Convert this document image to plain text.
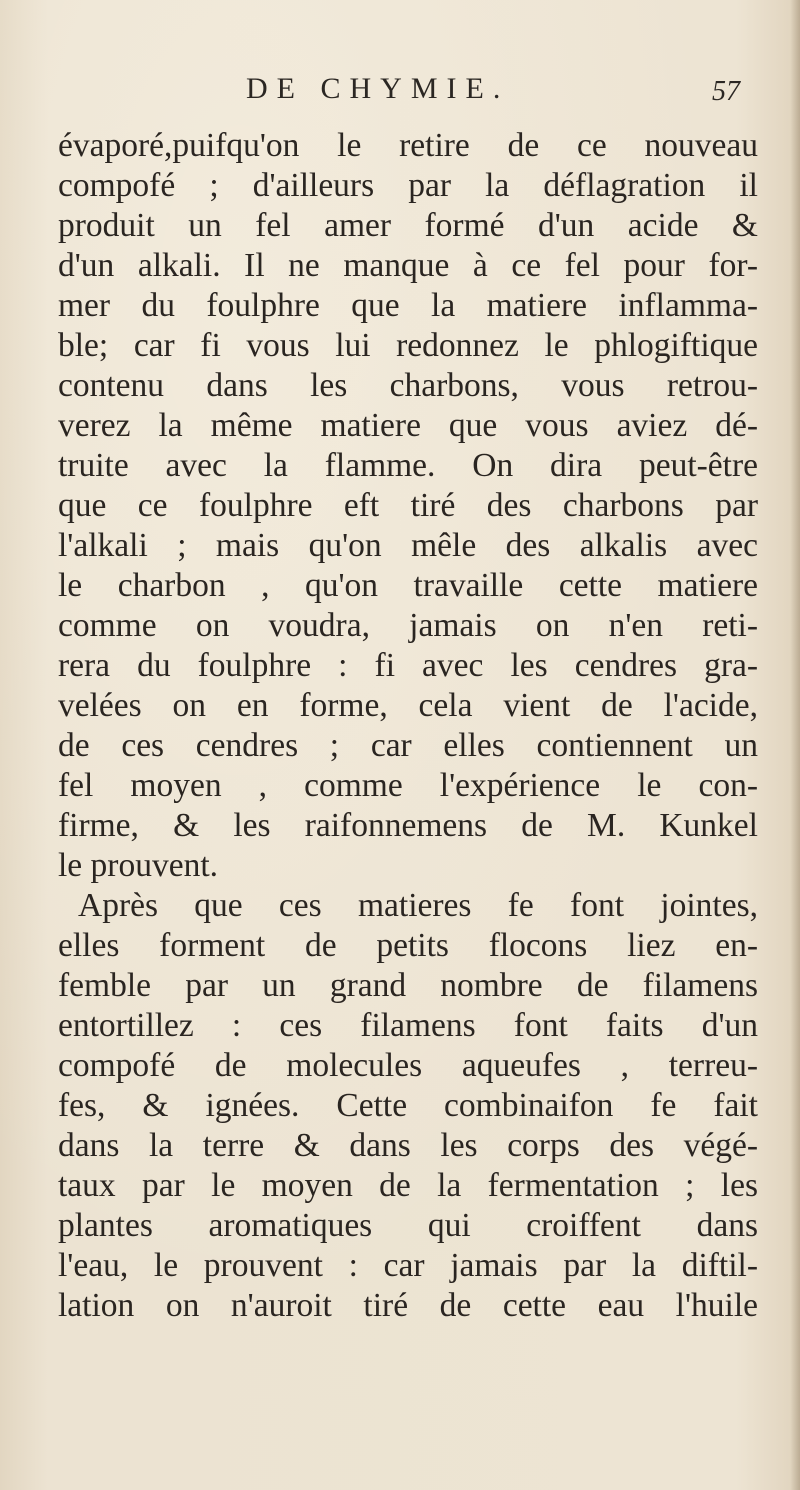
DE CHYMIE.	57
évaporé,puifqu'on le retire de ce nouveau
compofé ; d'ailleurs par la déflagration il
produit un fel amer formé d'un acide &
d'un alkali. Il ne manque à ce fel pour for-
mer du foulphre que la matiere inflamma-
ble; car fi vous lui redonnez le phlogiftique
contenu dans les charbons, vous retrou-
verez la même matiere que vous aviez dé-
truite avec la flamme. On dira peut-être
que ce foulphre eft tiré des charbons par
l'alkali ; mais qu'on mêle des alkalis avec
le charbon , qu'on travaille cette matiere
comme on voudra, jamais on n'en reti-
rera du foulphre : fi avec les cendres gra-
velées on en forme, cela vient de l'acide,
de ces cendres ; car elles contiennent un
fel moyen , comme l'expérience le con-
firme, & les raifonnemens de M. Kunkel
le prouvent.
Après que ces matieres fe font jointes,
elles forment de petits flocons liez en-
femble par un grand nombre de filamens
entortillez : ces filamens font faits d'un
compofé de molecules aqueufes , terreu-
fes, & ignées. Cette combinaifon fe fait
dans la terre & dans les corps des végé-
taux par le moyen de la fermentation ; les
plantes aromatiques qui croiffent dans
l'eau, le prouvent : car jamais par la diftil-
lation on n'auroit tiré de cette eau l'huile
